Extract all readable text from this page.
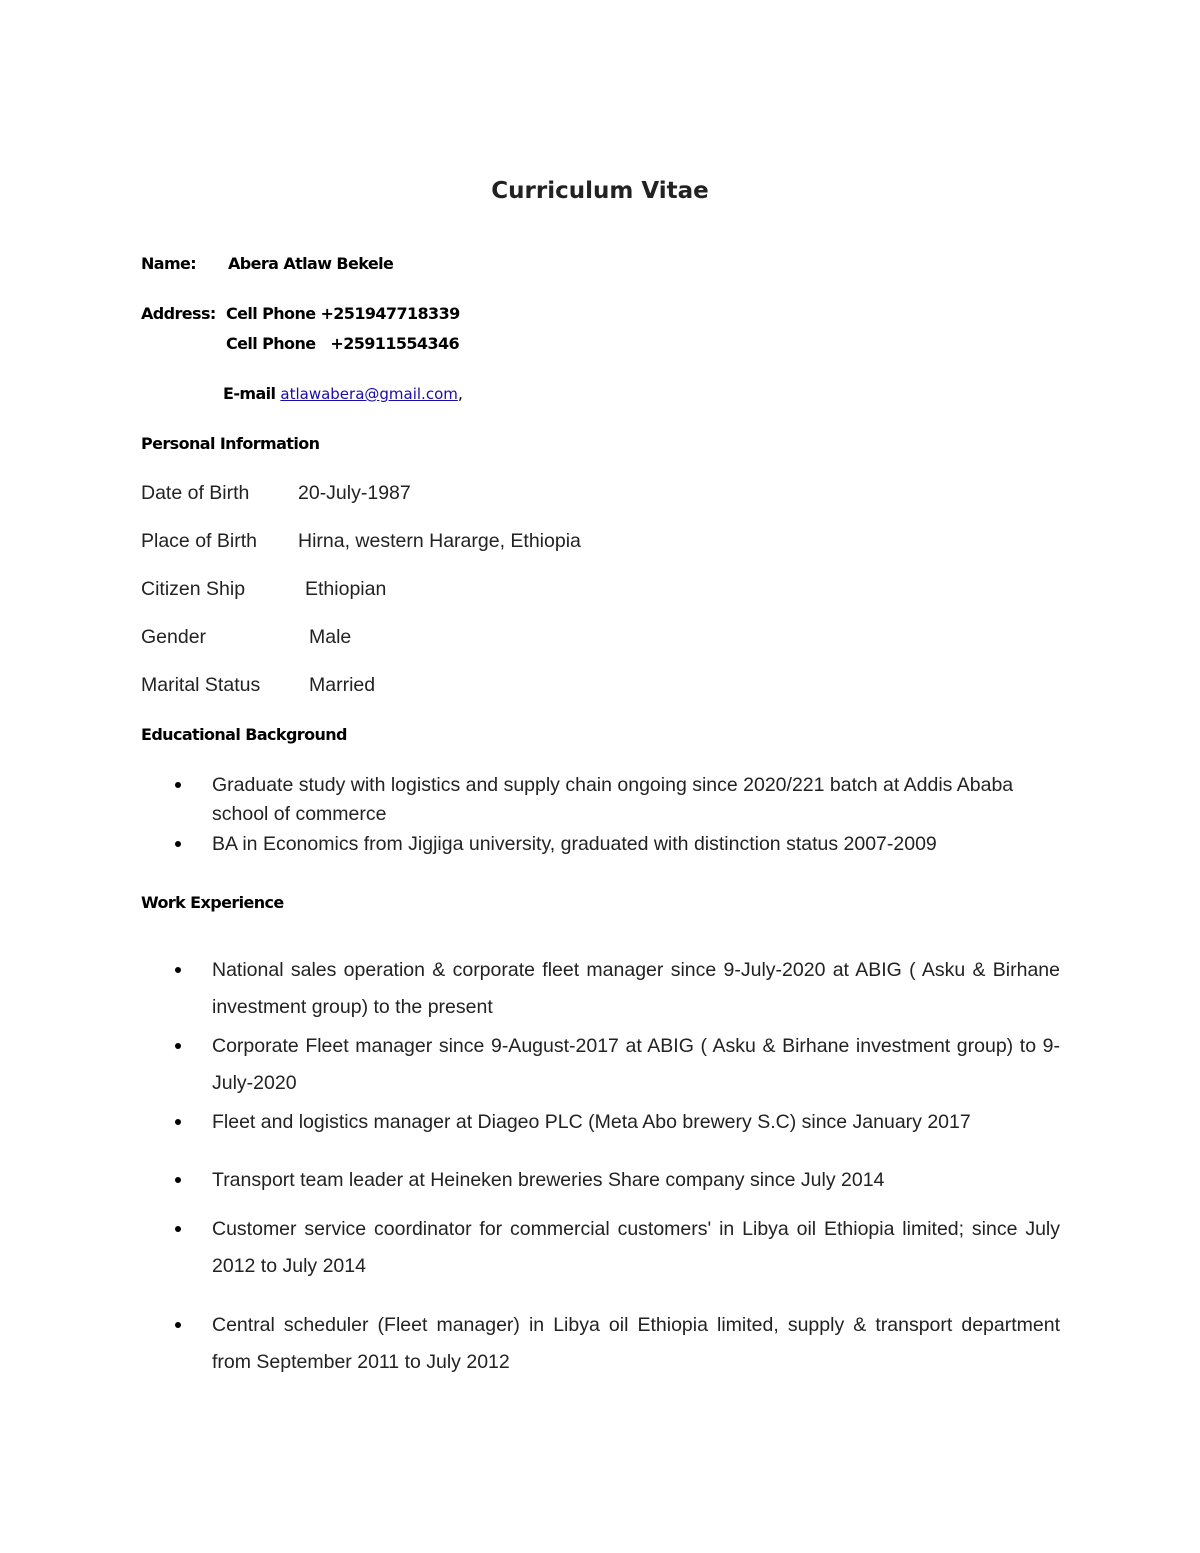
Curriculum Vitae
Name: Abera Atlaw Bekele
Address: Cell Phone +251947718339
Cell Phone   +25911554346
E-mail atlawabera@gmail.com,
Personal Information
Date of Birth 20-July-1987
Place of Birth Hirna, western Hararge, Ethiopia
Citizen Ship	Ethiopian
Gender	Male
Marital Status	Married
Educational Background
Graduate study with logistics and supply chain ongoing since 2020/221 batch at Addis Ababa school of commerce
BA in Economics from Jigjiga university, graduated with distinction status 2007-2009
Work Experience
National sales operation & corporate fleet manager since 9-July-2020 at ABIG ( Asku & Birhane investment group) to the present
Corporate Fleet manager since 9-August-2017 at ABIG ( Asku & Birhane investment group) to 9-July-2020
Fleet and logistics manager at Diageo PLC (Meta Abo brewery S.C) since January 2017
Transport team leader at Heineken breweries Share company since July 2014
Customer service coordinator for commercial customers' in Libya oil Ethiopia limited; since July 2012 to July 2014
Central scheduler (Fleet manager) in Libya oil Ethiopia limited, supply & transport department from September 2011 to July 2012
